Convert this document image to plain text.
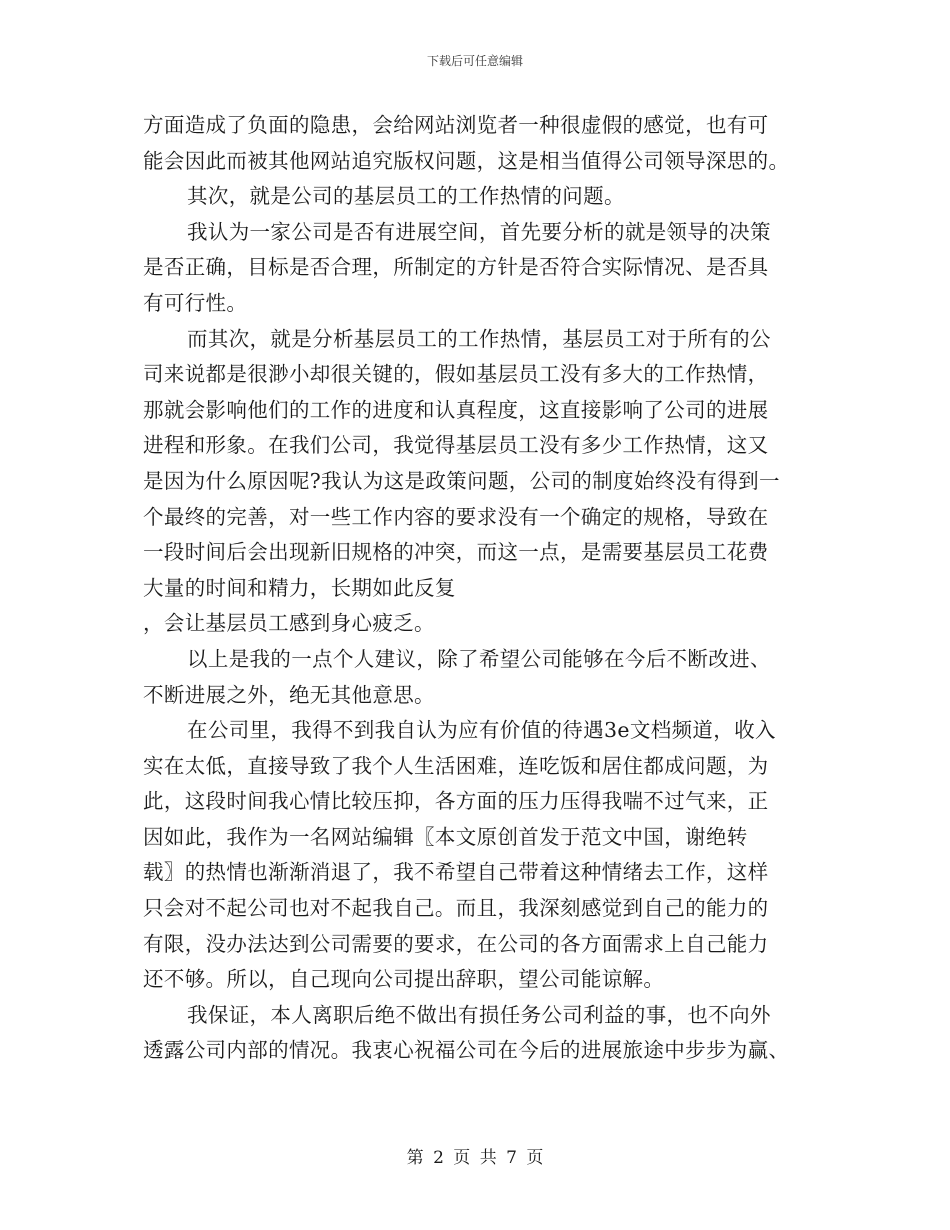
下载后可任意编辑
方面造成了负面的隐患，会给网站浏览者一种很虚假的感觉，也有可
能会因此而被其他网站追究版权问题，这是相当值得公司领导深思的。
其次，就是公司的基层员工的工作热情的问题。
我认为一家公司是否有进展空间，首先要分析的就是领导的决策
是否正确，目标是否合理，所制定的方针是否符合实际情况、是否具
有可行性。
而其次，就是分析基层员工的工作热情，基层员工对于所有的公
司来说都是很渺小却很关键的，假如基层员工没有多大的工作热情，
那就会影响他们的工作的进度和认真程度，这直接影响了公司的进展
进程和形象。在我们公司，我觉得基层员工没有多少工作热情，这又
是因为什么原因呢?我认为这是政策问题，公司的制度始终没有得到一
个最终的完善，对一些工作内容的要求没有一个确定的规格，导致在
一段时间后会出现新旧规格的冲突，而这一点，是需要基层员工花费
大量的时间和精力，长期如此反复
，会让基层员工感到身心疲乏。
以上是我的一点个人建议，除了希望公司能够在今后不断改进、
不断进展之外，绝无其他意思。
在公司里，我得不到我自认为应有价值的待遇3e文档频道，收入
实在太低，直接导致了我个人生活困难，连吃饭和居住都成问题，为
此，这段时间我心情比较压抑，各方面的压力压得我喘不过气来，正
因如此，我作为一名网站编辑〖本文原创首发于范文中国，谢绝转
载〗的热情也渐渐消退了，我不希望自己带着这种情绪去工作，这样
只会对不起公司也对不起我自己。而且，我深刻感觉到自己的能力的
有限，没办法达到公司需要的要求，在公司的各方面需求上自己能力
还不够。所以，自己现向公司提出辞职，望公司能谅解。
我保证，本人离职后绝不做出有损任务公司利益的事，也不向外
透露公司内部的情况。我衷心祝福公司在今后的进展旅途中步步为赢、
第 2 页 共 7 页
